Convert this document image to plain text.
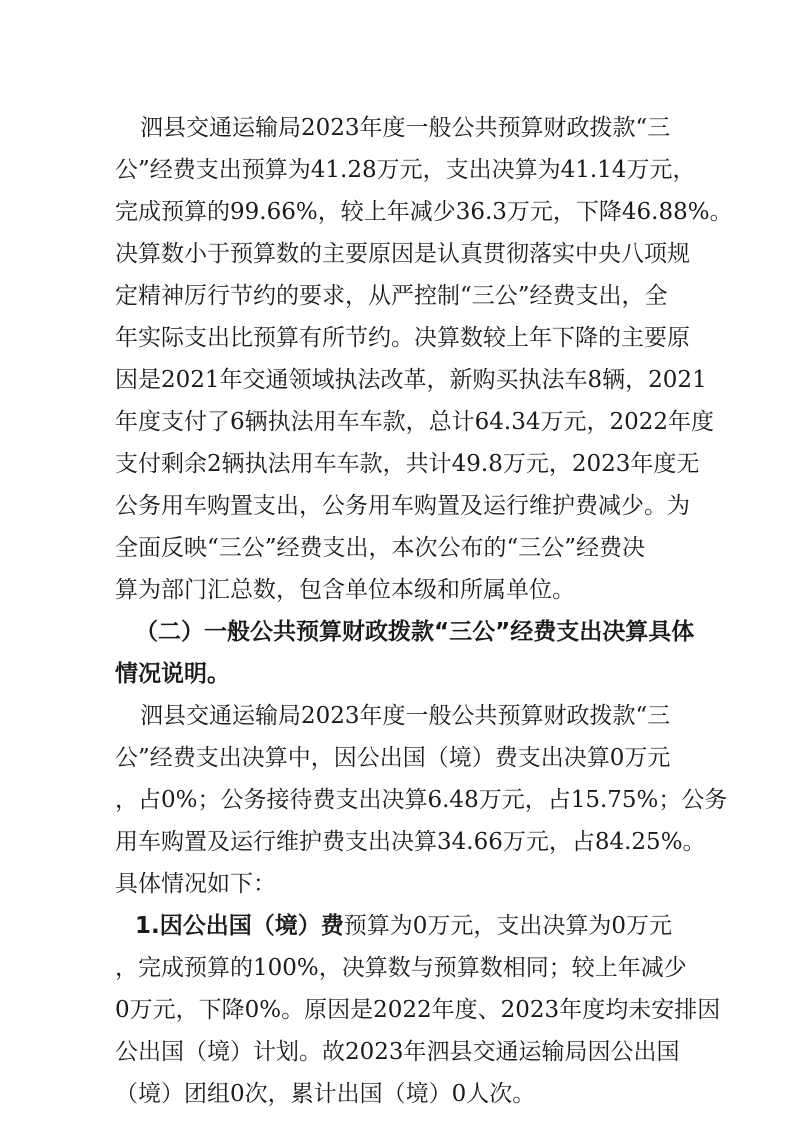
泗县交通运输局2023年度一般公共预算财政拨款“三
公”经费支出预算为41.28万元，支出决算为41.14万元，
完成预算的99.66%，较上年减少36.3万元，下降46.88%。
决算数小于预算数的主要原因是认真贯彻落实中央八项规
定精神厉行节约的要求，从严控制“三公”经费支出，全
年实际支出比预算有所节约。决算数较上年下降的主要原
因是2021年交通领域执法改革，新购买执法车8辆，2021
年度支付了6辆执法用车车款，总计64.34万元，2022年度
支付剩余2辆执法用车车款，共计49.8万元，2023年度无
公务用车购置支出，公务用车购置及运行维护费减少。为
全面反映“三公”经费支出，本次公布的“三公”经费决
算为部门汇总数，包含单位本级和所属单位。
（二）一般公共预算财政拨款“三公”经费支出决算具体
情况说明。
泗县交通运输局2023年度一般公共预算财政拨款“三
公”经费支出决算中，因公出国（境）费支出决算0万元
，占0%；公务接待费支出决算6.48万元，占15.75%；公务
用车购置及运行维护费支出决算34.66万元，占84.25%。
具体情况如下：
1.因公出国（境）费预算为0万元，支出决算为0万元
，完成预算的100%，决算数与预算数相同；较上年减少
0万元，下降0%。原因是2022年度、2023年度均未安排因
公出国（境）计划。故2023年泗县交通运输局因公出国
（境）团组0次，累计出国（境）0人次。
